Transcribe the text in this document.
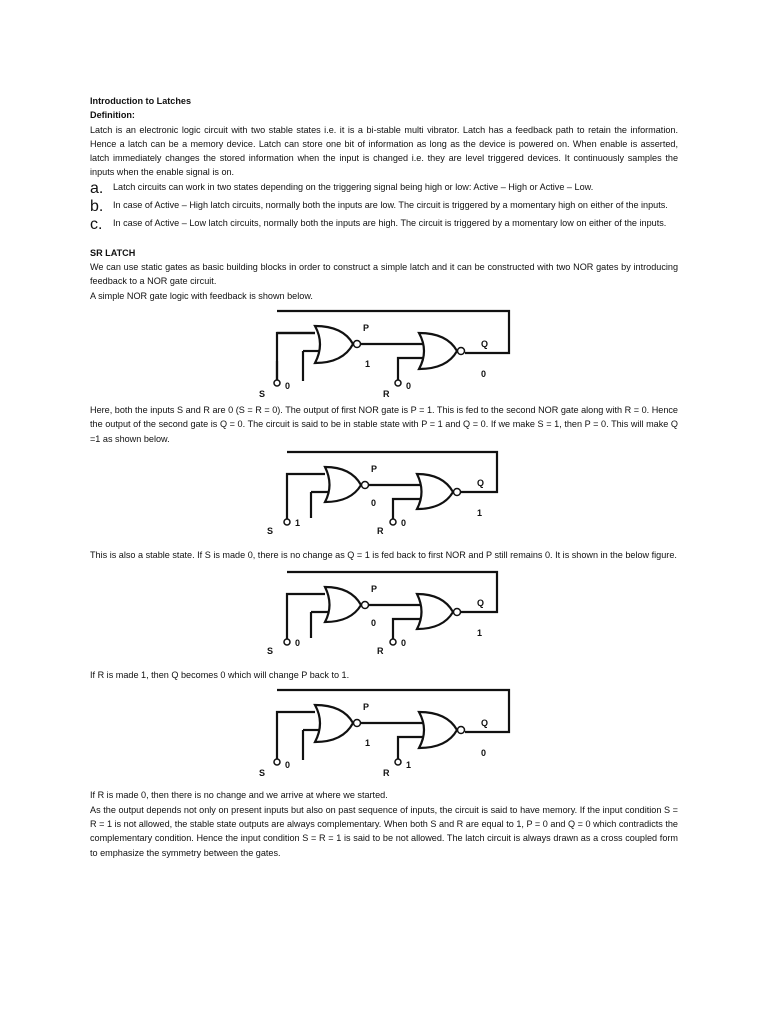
Introduction to Latches

Definition:

Latch is an electronic logic circuit with two stable states i.e. it is a bi-stable multi vibrator. Latch has a feedback path to retain the information. Hence a latch can be a memory device. Latch can store one bit of information as long as the device is powered on. When enable is asserted, latch immediately changes the stored information when the input is changed i.e. they are level triggered devices. It continuously samples the inputs when the enable signal is on.

a.	Latch circuits can work in two states depending on the triggering signal being high or low: Active – High or Active – Low.
b.	In case of Active – High latch circuits, normally both the inputs are low. The circuit is triggered by a momentary high on either of the inputs.
c.	In case of Active – Low latch circuits, normally both the inputs are high. The circuit is triggered by a momentary low on either of the inputs.

SR LATCH

We can use static gates as basic building blocks in order to construct a simple latch and it can be constructed with two NOR gates by introducing feedback to a NOR gate circuit.

A simple NOR gate logic with feedback is shown below.

S
0
R
0
P
1
Q
0

Here, both the inputs S and R are 0 (S = R = 0). The output of first NOR gate is P = 1. This is fed to the second NOR gate along with R = 0. Hence the output of the second gate is Q = 0. The circuit is said to be in stable state with P = 1 and Q = 0. If we make S = 1, then P = 0. This will make Q =1 as shown below.

S
1
R
0
P
0
Q
1

This is also a stable state. If S is made 0, there is no change as Q = 1 is fed back to first NOR and P still remains 0. It is shown in the below figure.

S
0
R
0
P
0
Q
1

If R is made 1, then Q becomes 0 which will change P back to 1.

S
0
R
1
P
1
Q
0

If R is made 0, then there is no change and we arrive at where we started.

As the output depends not only on present inputs but also on past sequence of inputs, the circuit is said to have memory. If the input condition S = R = 1 is not allowed, the stable state outputs are always complementary. When both S and R are equal to 1, P = 0 and Q = 0 which contradicts the complementary condition. Hence the input condition S = R = 1 is said to be not allowed. The latch circuit is always drawn as a cross coupled form to emphasize the symmetry between the gates.
